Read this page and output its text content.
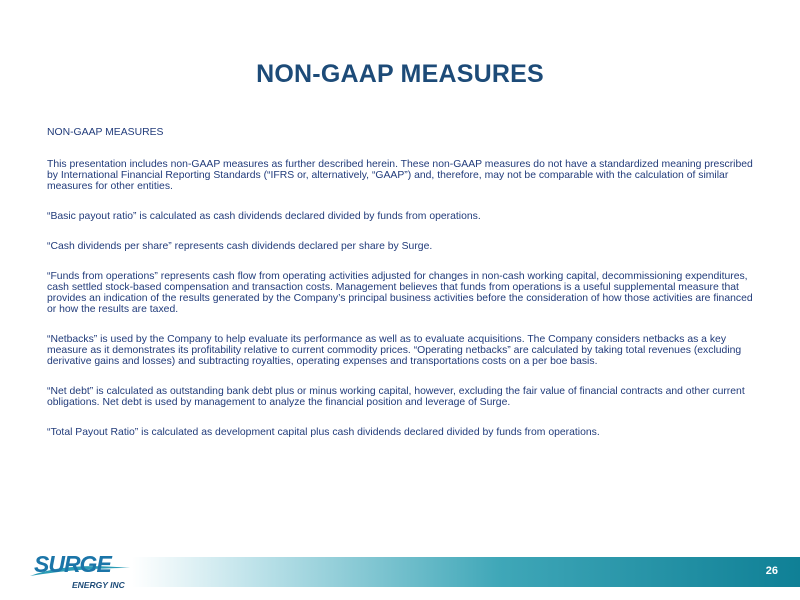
NON-GAAP MEASURES

NON-GAAP MEASURES

This presentation includes non-GAAP measures as further described herein. These non-GAAP measures do not have a standardized meaning prescribed by International Financial Reporting Standards (“IFRS or, alternatively, “GAAP”) and, therefore, may not be comparable with the calculation of similar measures for other entities.

“Basic payout ratio” is calculated as cash dividends declared divided by funds from operations.

“Cash dividends per share” represents cash dividends declared per share by Surge.

“Funds from operations” represents cash flow from operating activities adjusted for changes in non-cash working capital, decommissioning expenditures, cash settled stock-based compensation and transaction costs. Management believes that funds from operations is a useful supplemental measure that provides an indication of the results generated by the Company’s principal business activities before the consideration of how those activities are financed or how the results are taxed.

“Netbacks” is used by the Company to help evaluate its performance as well as to evaluate acquisitions. The Company considers netbacks as a key measure as it demonstrates its profitability relative to current commodity prices. “Operating netbacks” are calculated by taking total revenues (excluding derivative gains and losses) and subtracting royalties, operating expenses and transportations costs on a per boe basis.

“Net debt” is calculated as outstanding bank debt plus or minus working capital, however, excluding the fair value of financial contracts and other current obligations. Net debt is used by management to analyze the financial position and leverage of Surge.

“Total Payout Ratio” is calculated as development capital plus cash dividends declared divided by funds from operations.

26
SURGE
ENERGY INC
